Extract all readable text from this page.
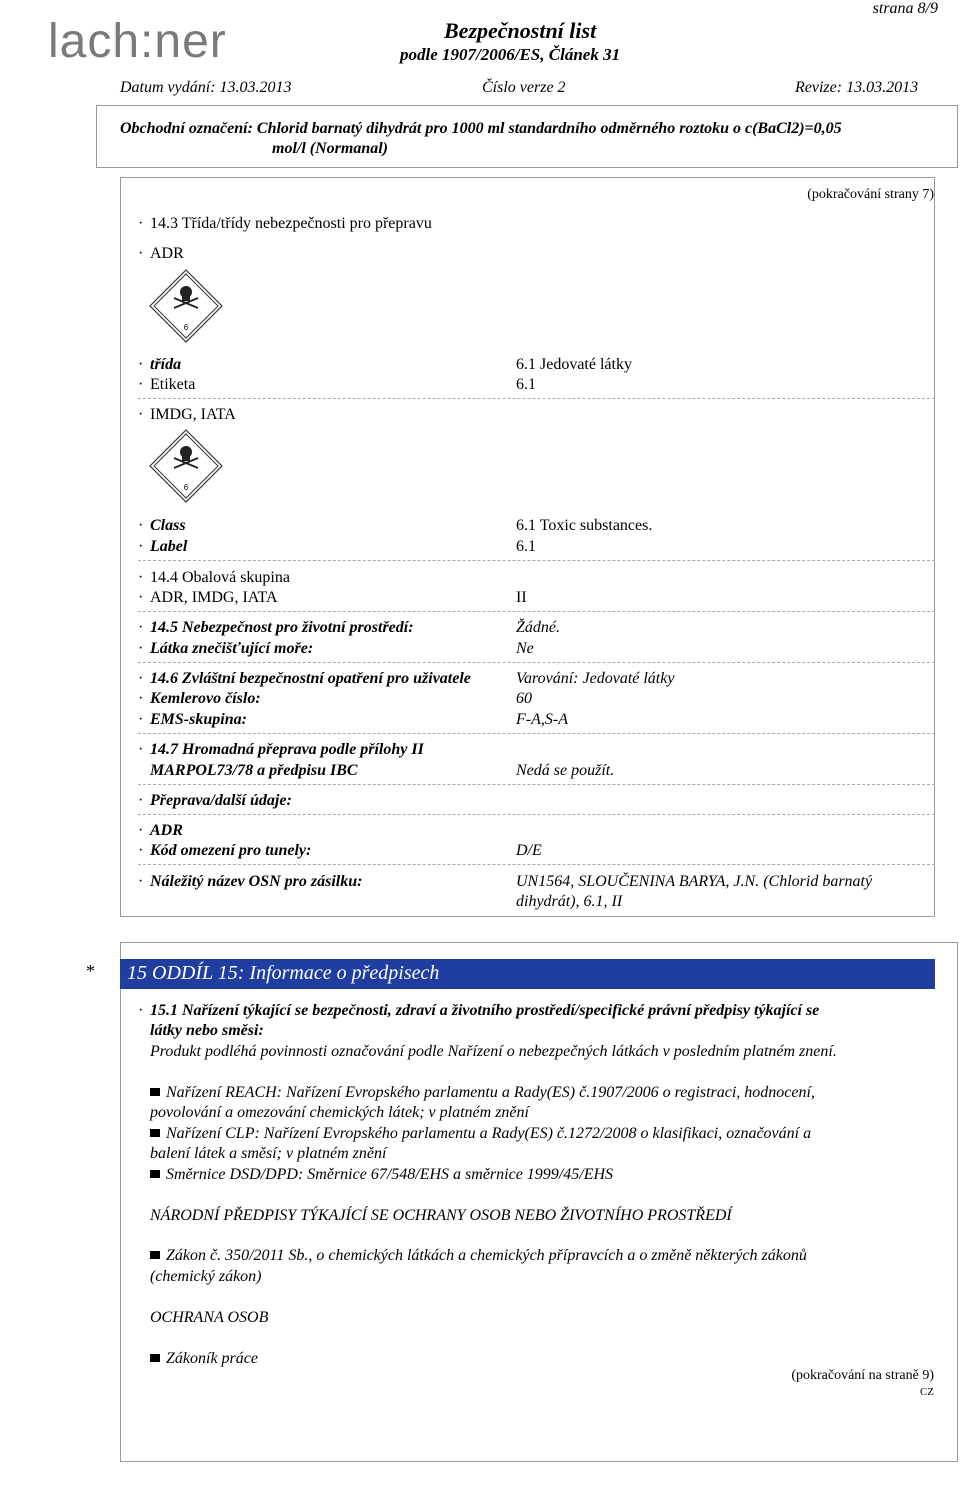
lach:ner
strana 8/9
Bezpečnostní list
podle 1907/2006/ES, Článek 31
Datum vydání: 13.03.2013	Číslo verze 2	Revize: 13.03.2013
Obchodní označení: Chlorid barnatý dihydrát pro 1000 ml standardního odměrného roztoku o c(BaCl2)=0,05
mol/l (Normanal)
(pokračování strany 7)
· 14.3 Třída/třídy nebezpečnosti pro přepravu
· ADR
6
· třída	6.1 Jedovaté látky
· Etiketa	6.1
· IMDG, IATA
6
· Class	6.1 Toxic substances.
· Label	6.1
· 14.4 Obalová skupina
· ADR, IMDG, IATA	II
· 14.5 Nebezpečnost pro životní prostředí:	Žádné.
· Látka znečišťující moře:	Ne
· 14.6 Zvláštní bezpečnostní opatření pro uživatele	Varování: Jedovaté látky
· Kemlerovo číslo:	60
· EMS-skupina:	F-A,S-A
· 14.7 Hromadná přeprava podle přílohy II
MARPOL73/78 a předpisu IBC	Nedá se použít.
· Přeprava/další údaje:
· ADR
· Kód omezení pro tunely:	D/E
· Náležitý název OSN pro zásilku:	UN1564, SLOUČENINA BARYA, J.N. (Chlorid barnatý
dihydrát), 6.1, II
* 15 ODDÍL 15: Informace o předpisech
· 15.1 Nařízení týkající se bezpečnosti, zdraví a životního prostředí/specifické právní předpisy týkající se
látky nebo směsi:
Produkt podléhá povinnosti označování podle Nařízení o nebezpečných látkách v posledním platném znení.
Nařízení REACH: Nařízení Evropského parlamentu a Rady(ES) č.1907/2006 o registraci, hodnocení,
povolování a omezování chemických látek; v platném znění
Nařízení CLP: Nařízení Evropského parlamentu a Rady(ES) č.1272/2008 o klasifikaci, označování a
balení látek a směsí; v platném znění
Směrnice DSD/DPD: Směrnice 67/548/EHS a směrnice 1999/45/EHS
NÁRODNÍ PŘEDPISY TÝKAJÍCÍ SE OCHRANY OSOB NEBO ŽIVOTNÍHO PROSTŘEDÍ
Zákon č. 350/2011 Sb., o chemických látkách a chemických přípravcích a o změně některých zákonů
(chemický zákon)
OCHRANA OSOB
Zákoník práce
(pokračování na straně 9)
CZ
